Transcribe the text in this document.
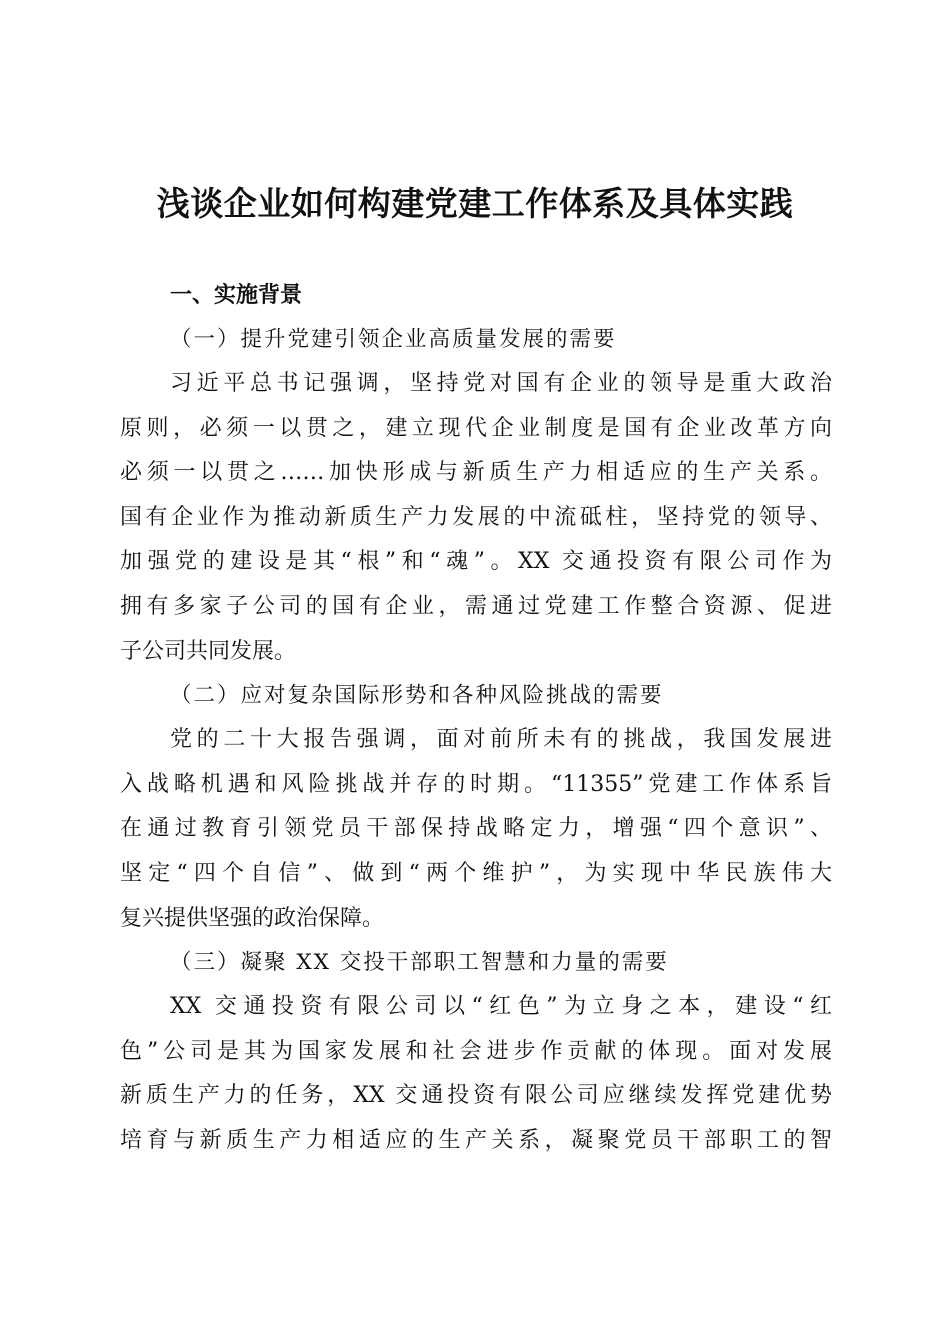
浅谈企业如何构建党建工作体系及具体实践

一、实施背景

（一）提升党建引领企业高质量发展的需要

习近平总书记强调，坚持党对国有企业的领导是重大政治
原则，必须一以贯之，建立现代企业制度是国有企业改革方向
必须一以贯之……加快形成与新质生产力相适应的生产关系。
国有企业作为推动新质生产力发展的中流砥柱，坚持党的领导、
加强党的建设是其“根”和“魂”。XX 交通投资有限公司作为
拥有多家子公司的国有企业，需通过党建工作整合资源、促进
子公司共同发展。

（二）应对复杂国际形势和各种风险挑战的需要

党的二十大报告强调，面对前所未有的挑战，我国发展进
入战略机遇和风险挑战并存的时期。“11355”党建工作体系旨
在通过教育引领党员干部保持战略定力，增强“四个意识”、
坚定“四个自信”、做到“两个维护”，为实现中华民族伟大
复兴提供坚强的政治保障。

（三）凝聚 XX 交投干部职工智慧和力量的需要

XX 交通投资有限公司以“红色”为立身之本，建设“红
色”公司是其为国家发展和社会进步作贡献的体现。面对发展
新质生产力的任务，XX 交通投资有限公司应继续发挥党建优势
培育与新质生产力相适应的生产关系，凝聚党员干部职工的智
